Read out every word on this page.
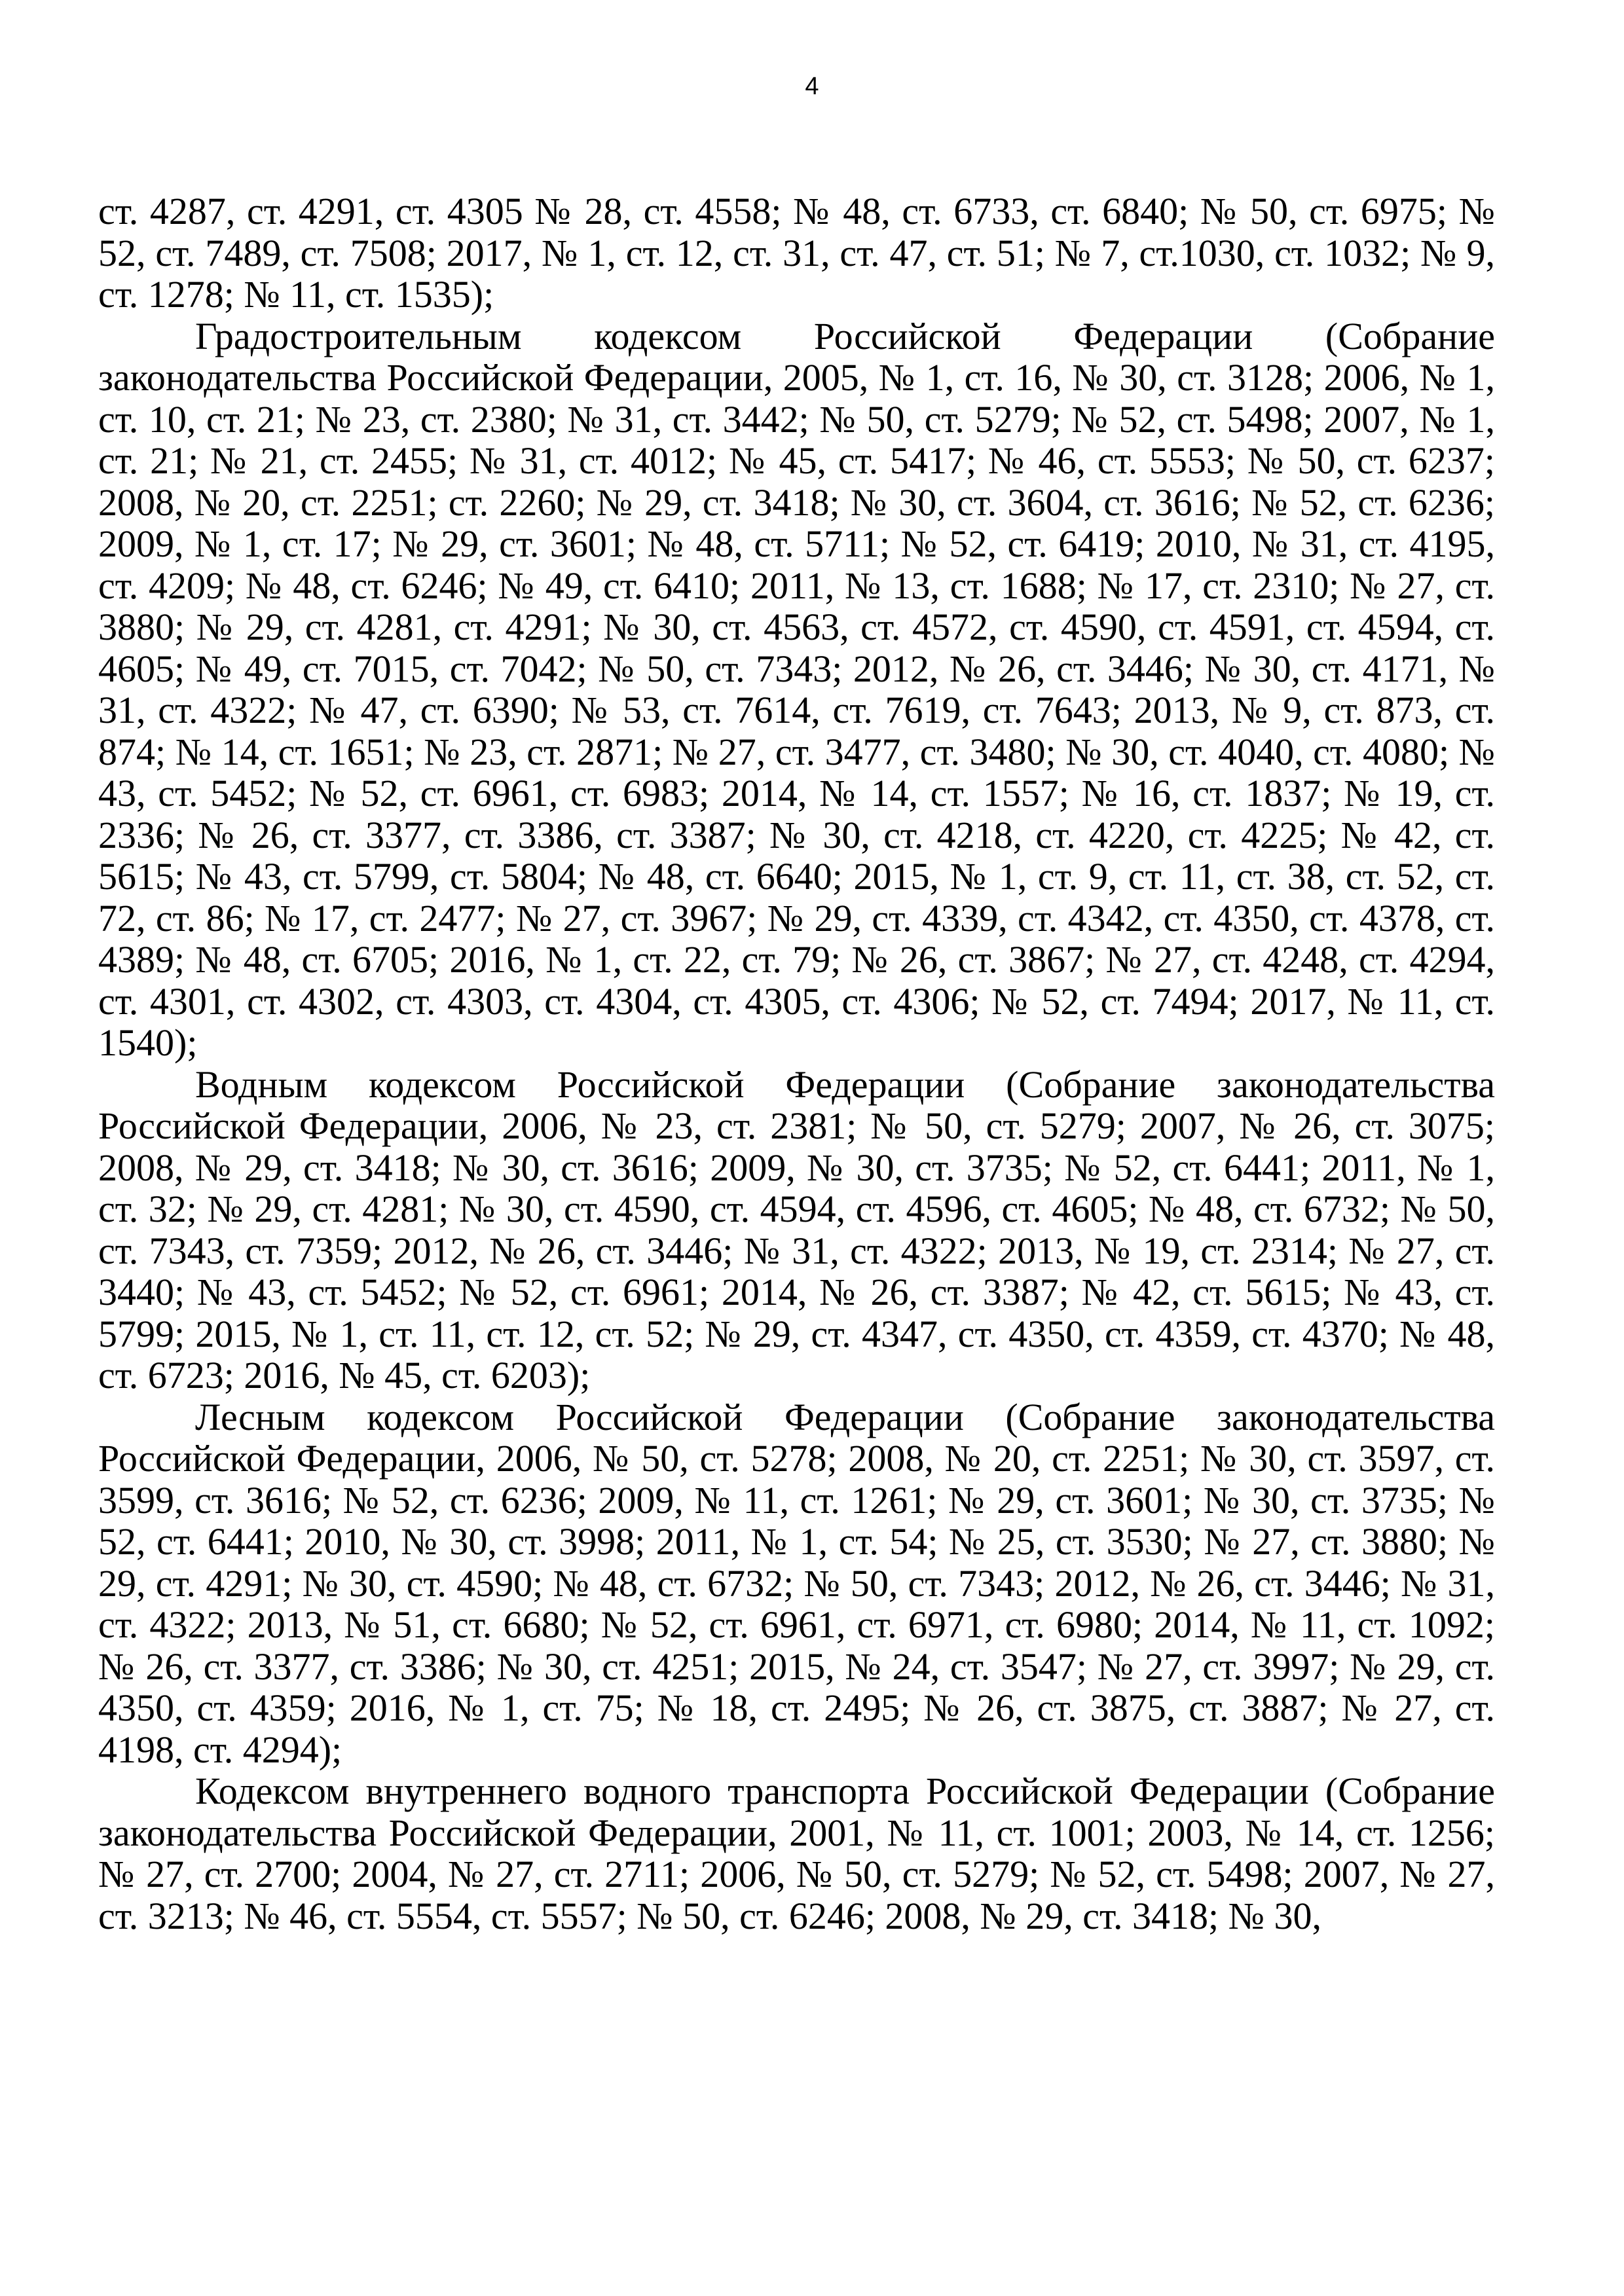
4

ст. 4287, ст. 4291, ст. 4305 № 28, ст. 4558; № 48, ст. 6733, ст. 6840; № 50, ст. 6975; № 52, ст. 7489, ст. 7508; 2017, № 1, ст. 12, ст. 31, ст. 47, ст. 51; № 7, ст.1030, ст. 1032; № 9, ст. 1278; № 11, ст. 1535);

Градостроительным кодексом Российской Федерации (Собрание законодательства Российской Федерации, 2005, № 1, ст. 16, № 30, ст. 3128; 2006, № 1, ст. 10, ст. 21; № 23, ст. 2380; № 31, ст. 3442; № 50, ст. 5279; № 52, ст. 5498; 2007, № 1, ст. 21; № 21, ст. 2455; № 31, ст. 4012; № 45, ст. 5417; № 46, ст. 5553; № 50, ст. 6237; 2008, № 20, ст. 2251; ст. 2260; № 29, ст. 3418; № 30, ст. 3604, ст. 3616; № 52, ст. 6236; 2009, № 1, ст. 17; № 29, ст. 3601; № 48, ст. 5711; № 52, ст. 6419; 2010, № 31, ст. 4195, ст. 4209; № 48, ст. 6246; № 49, ст. 6410; 2011, № 13, ст. 1688; № 17, ст. 2310; № 27, ст. 3880; № 29, ст. 4281, ст. 4291; № 30, ст. 4563, ст. 4572, ст. 4590, ст. 4591, ст. 4594, ст. 4605; № 49, ст. 7015, ст. 7042; № 50, ст. 7343; 2012, № 26, ст. 3446; № 30, ст. 4171, № 31, ст. 4322; № 47, ст. 6390; № 53, ст. 7614, ст. 7619, ст. 7643; 2013, № 9, ст. 873, ст. 874; № 14, ст. 1651; № 23, ст. 2871; № 27, ст. 3477, ст. 3480; № 30, ст. 4040, ст. 4080; № 43, ст. 5452; № 52, ст. 6961, ст. 6983; 2014, № 14, ст. 1557; № 16, ст. 1837; № 19, ст. 2336; № 26, ст. 3377, ст. 3386, ст. 3387; № 30, ст. 4218, ст. 4220, ст. 4225; № 42, ст. 5615; № 43, ст. 5799, ст. 5804; № 48, ст. 6640; 2015, № 1, ст. 9, ст. 11, ст. 38, ст. 52, ст. 72, ст. 86; № 17, ст. 2477; № 27, ст. 3967; № 29, ст. 4339, ст. 4342, ст. 4350, ст. 4378, ст. 4389; № 48, ст. 6705; 2016, № 1, ст. 22, ст. 79; № 26, ст. 3867; № 27, ст. 4248, ст. 4294, ст. 4301, ст. 4302, ст. 4303, ст. 4304, ст. 4305, ст. 4306; № 52, ст. 7494; 2017, № 11, ст. 1540);

Водным кодексом Российской Федерации (Собрание законодательства Российской Федерации, 2006, № 23, ст. 2381; № 50, ст. 5279; 2007, № 26, ст. 3075; 2008, № 29, ст. 3418; № 30, ст. 3616; 2009, № 30, ст. 3735; № 52, ст. 6441; 2011, № 1, ст. 32; № 29, ст. 4281; № 30, ст. 4590, ст. 4594, ст. 4596, ст. 4605; № 48, ст. 6732; № 50, ст. 7343, ст. 7359; 2012, № 26, ст. 3446; № 31, ст. 4322; 2013, № 19, ст. 2314; № 27, ст. 3440; № 43, ст. 5452; № 52, ст. 6961; 2014, № 26, ст. 3387; № 42, ст. 5615; № 43, ст. 5799; 2015, № 1, ст. 11, ст. 12, ст. 52; № 29, ст. 4347, ст. 4350, ст. 4359, ст. 4370; № 48, ст. 6723; 2016, № 45, ст. 6203);

Лесным кодексом Российской Федерации (Собрание законодательства Российской Федерации, 2006, № 50, ст. 5278; 2008, № 20, ст. 2251; № 30, ст. 3597, ст. 3599, ст. 3616; № 52, ст. 6236; 2009, № 11, ст. 1261; № 29, ст. 3601; № 30, ст. 3735; № 52, ст. 6441; 2010, № 30, ст. 3998; 2011, № 1, ст. 54; № 25, ст. 3530; № 27, ст. 3880; № 29, ст. 4291; № 30, ст. 4590; № 48, ст. 6732; № 50, ст. 7343; 2012, № 26, ст. 3446; № 31, ст. 4322; 2013, № 51, ст. 6680; № 52, ст. 6961, ст. 6971, ст. 6980; 2014, № 11, ст. 1092; № 26, ст. 3377, ст. 3386; № 30, ст. 4251; 2015, № 24, ст. 3547; № 27, ст. 3997; № 29, ст. 4350, ст. 4359; 2016, № 1, ст. 75; № 18, ст. 2495; № 26, ст. 3875, ст. 3887; № 27, ст. 4198, ст. 4294);

Кодексом внутреннего водного транспорта Российской Федерации (Собрание законодательства Российской Федерации, 2001, № 11, ст. 1001; 2003, № 14, ст. 1256; № 27, ст. 2700; 2004, № 27, ст. 2711; 2006, № 50, ст. 5279; № 52, ст. 5498; 2007, № 27, ст. 3213; № 46, ст. 5554, ст. 5557; № 50, ст. 6246; 2008, № 29, ст. 3418; № 30,
